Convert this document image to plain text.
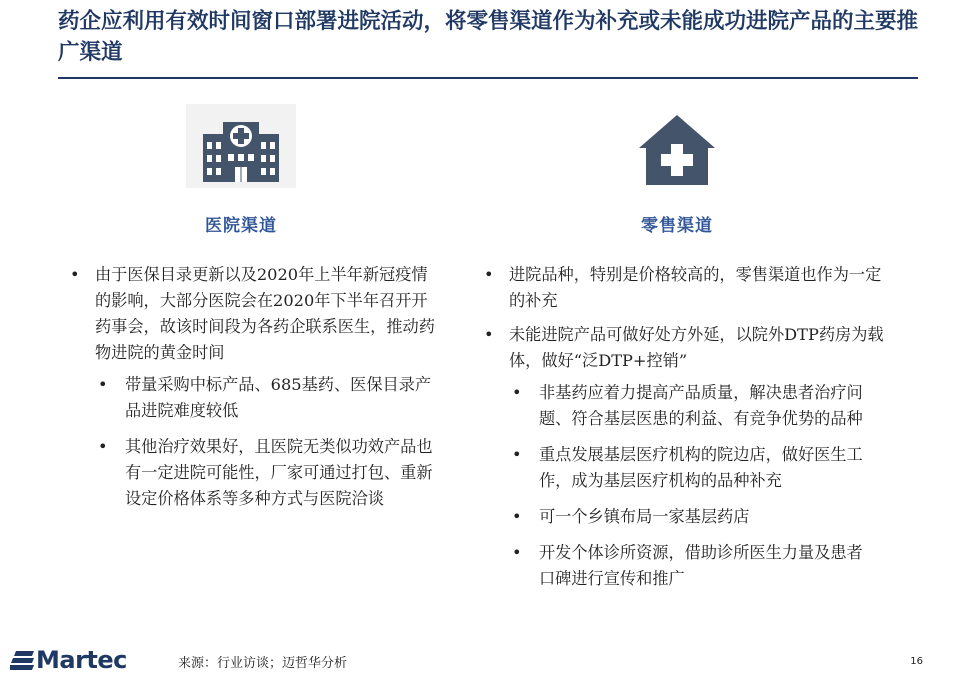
药企应利用有效时间窗口部署进院活动，将零售渠道作为补充或未能成功进院产品的主要推广渠道
医院渠道
• 由于医保目录更新以及2020年上半年新冠疫情的影响，大部分医院会在2020年下半年召开开药事会，故该时间段为各药企联系医生，推动药物进院的黄金时间
• 带量采购中标产品、685基药、医保目录产品进院难度较低
• 其他治疗效果好，且医院无类似功效产品也有一定进院可能性，厂家可通过打包、重新设定价格体系等多种方式与医院洽谈
零售渠道
• 进院品种，特别是价格较高的，零售渠道也作为一定的补充
• 未能进院产品可做好处方外延，以院外DTP药房为载体，做好“泛DTP+控销”
• 非基药应着力提高产品质量，解决患者治疗问题、符合基层医患的利益、有竞争优势的品种
• 重点发展基层医疗机构的院边店，做好医生工作，成为基层医疗机构的品种补充
• 可一个乡镇布局一家基层药店
• 开发个体诊所资源，借助诊所医生力量及患者口碑进行宣传和推广
Martec	来源：行业访谈；迈哲华分析	16
